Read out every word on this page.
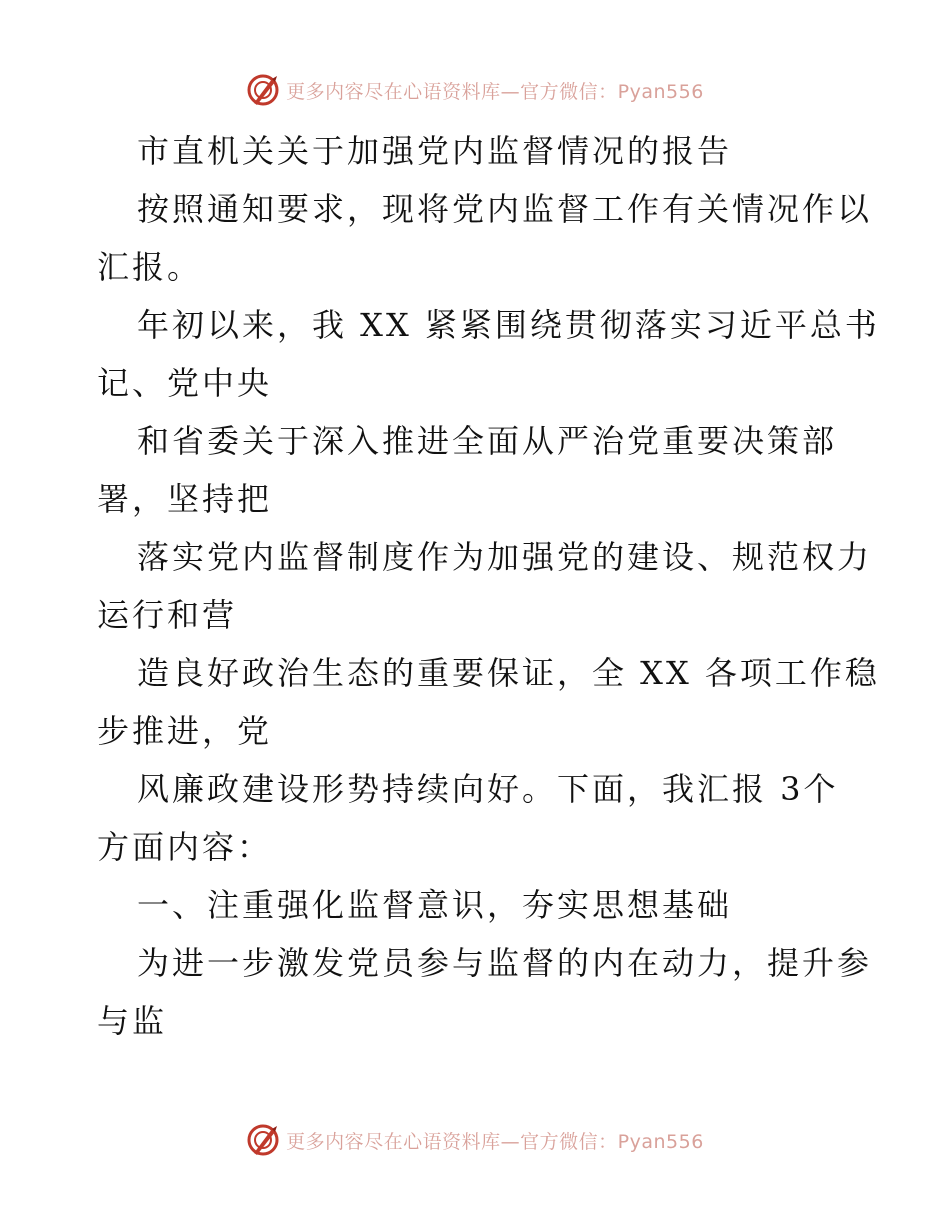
更多内容尽在心语资料库—官方微信：Pyan556
市直机关关于加强党内监督情况的报告
按照通知要求，现将党内监督工作有关情况作以
汇报。
年初以来，我 XX 紧紧围绕贯彻落实习近平总书
记、党中央
和省委关于深入推进全面从严治党重要决策部
署，坚持把
落实党内监督制度作为加强党的建设、规范权力
运行和营
造良好政治生态的重要保证，全 XX 各项工作稳
步推进，党
风廉政建设形势持续向好。下面，我汇报 3个
方面内容：
一、注重强化监督意识，夯实思想基础
为进一步激发党员参与监督的内在动力，提升参
与监
更多内容尽在心语资料库—官方微信：Pyan556
